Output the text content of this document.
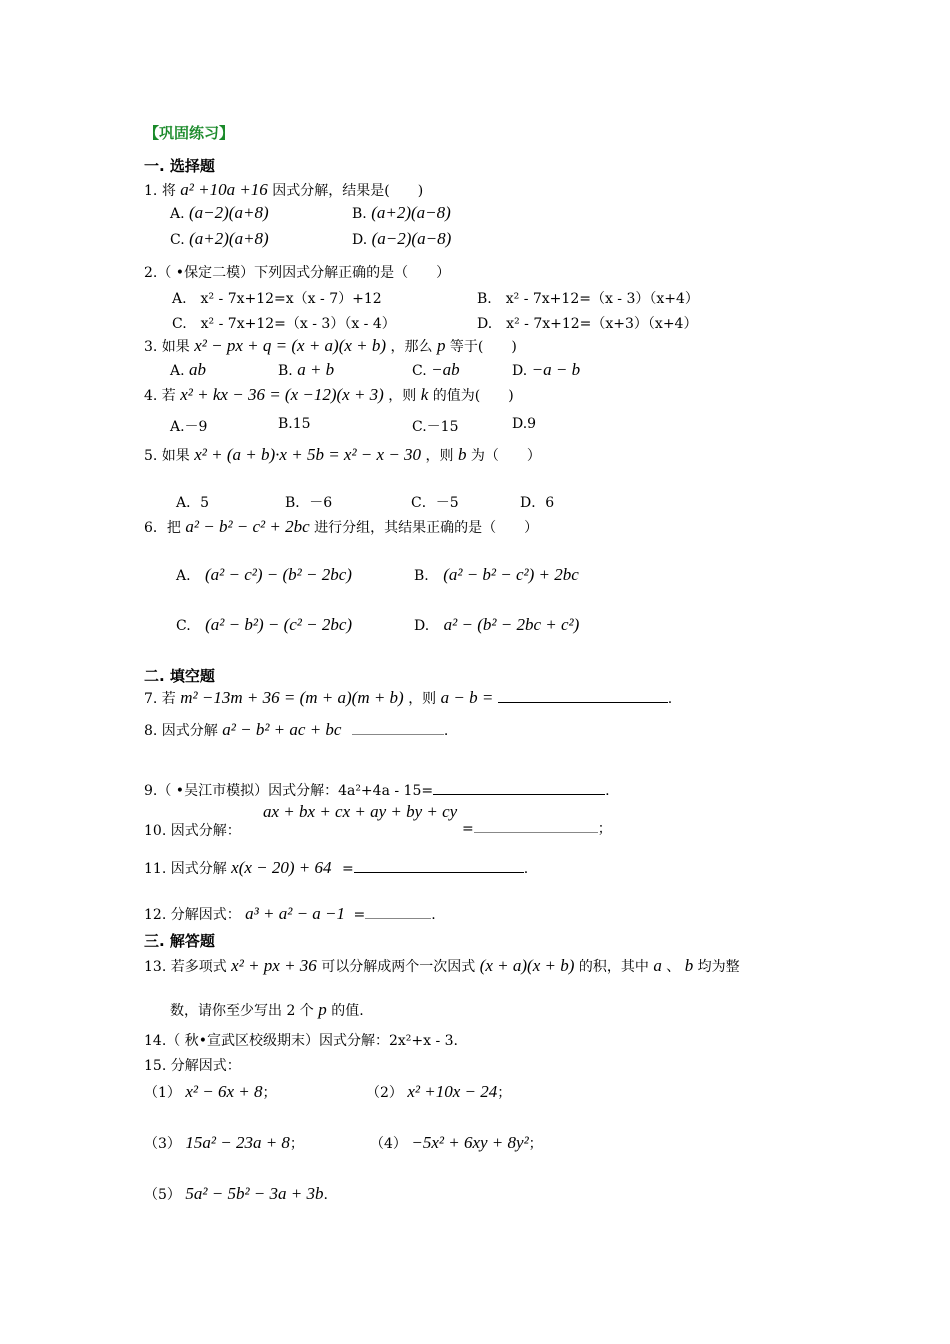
【巩固练习】
一. 选择题
1. 将 a² +10a +16 因式分解，结果是(　　)
A. (a−2)(a+8)	B. (a+2)(a−8)
C. (a+2)(a+8)	D. (a−2)(a−8)
2.（ •保定二模）下列因式分解正确的是（　　）
A.　x² - 7x+12=x（x - 7）+12	B.　x² - 7x+12=（x - 3）（x+4）
C.　x² - 7x+12=（x - 3）（x - 4）	D.　x² - 7x+12=（x+3）（x+4）
3. 如果 x² − px + q = (x + a)(x + b) ，那么 p 等于(　　)
A. ab	B. a + b	C. −ab	D. −a − b
4. 若 x² + kx − 36 = (x −12)(x + 3) ，则 k 的值为(　　)
A.－9	B.15	C.－15	D.9
5. 如果 x² + (a + b)·x + 5b = x² − x − 30 ，则 b 为（　　）
A．5	B．－6	C．－5	D．6
6．把 a² − b² − c² + 2bc 进行分组，其结果正确的是（　　）
A. (a² − c²) − (b² − 2bc)	B. (a² − b² − c²) + 2bc
C. (a² − b²) − (c² − 2bc)	D. a² − (b² − 2bc + c²)
二. 填空题
7. 若 m² −13m + 36 = (m + a)(m + b) ，则 a − b =	.
8. 因式分解 a² − b² + ac + bc	.
9.（ •吴江市模拟）因式分解：4a²+4a - 15=	.
10. 因式分解：
ax + bx + cx + ay + by + cy
=	；
11. 因式分解 x(x − 20) + 64 =	.
12. 分解因式： a³ + a² − a −1 =	.
三. 解答题
13. 若多项式 x² + px + 36 可以分解成两个一次因式 (x + a)(x + b) 的积，其中 a 、 b 均为整
数，请你至少写出 2 个 p 的值.
14.（ 秋•宣武区校级期末）因式分解：2x²+x - 3.
15. 分解因式：
（1） x² − 6x + 8；	（2） x² +10x − 24；
（3） 15a² − 23a + 8；	（4） −5x² + 6xy + 8y²；
（5） 5a² − 5b² − 3a + 3b.
